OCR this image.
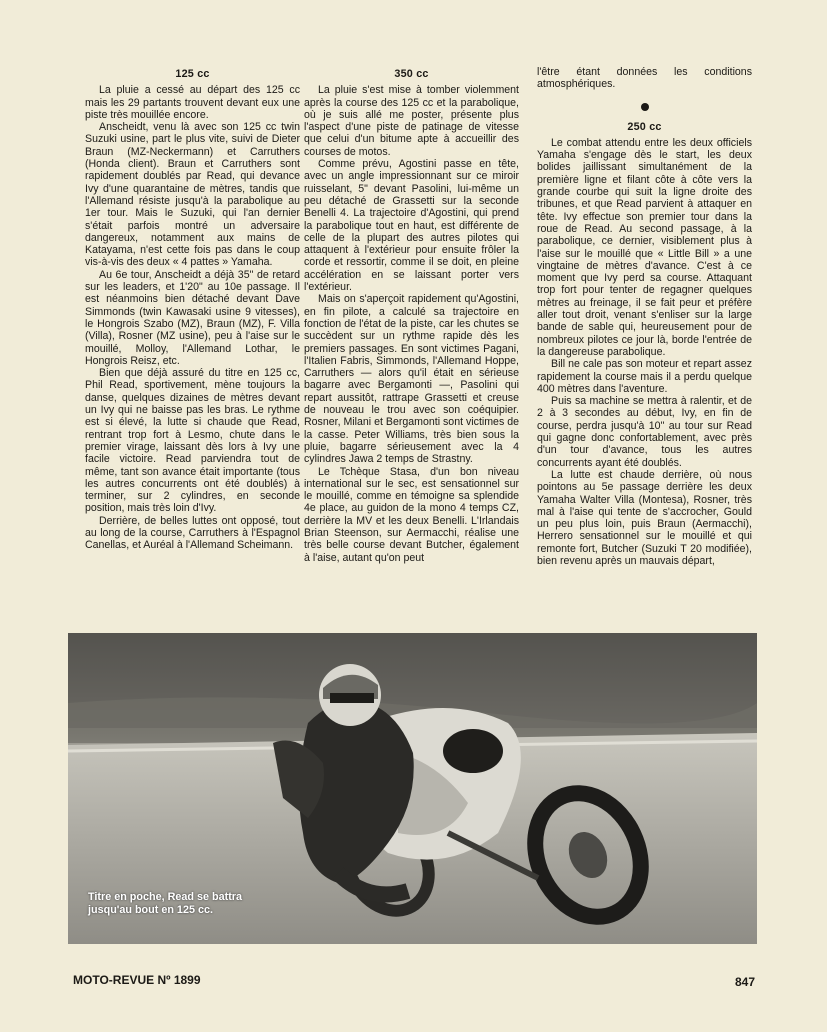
125 cc

La pluie a cessé au départ des 125 cc mais les 29 partants trouvent devant eux une piste très mouillée encore.

Anscheidt, venu là avec son 125 cc twin Suzuki usine, part le plus vite, suivi de Dieter Braun (MZ-Neckermann) et Carruthers (Honda client). Braun et Carruthers sont rapidement doublés par Read, qui devance Ivy d'une quarantaine de mètres, tandis que l'Allemand résiste jusqu'à la parabolique au 1er tour. Mais le Suzuki, qui l'an dernier s'était parfois montré un adversaire dangereux, notamment aux mains de Katayama, n'est cette fois pas dans le coup vis-à-vis des deux « 4 pattes » Yamaha.

Au 6e tour, Anscheidt a déjà 35" de retard sur les leaders, et 1'20" au 10e passage. Il est néanmoins bien détaché devant Dave Simmonds (twin Kawasaki usine 9 vitesses), le Hongrois Szabo (MZ), Braun (MZ), F. Villa (Villa), Rosner (MZ usine), peu à l'aise sur le mouillé, Molloy, l'Allemand Lothar, le Hongrois Reisz, etc.

Bien que déjà assuré du titre en 125 cc, Phil Read, sportivement, mène toujours la danse, quelques dizaines de mètres devant un Ivy qui ne baisse pas les bras. Le rythme est si élevé, la lutte si chaude que Read, rentrant trop fort à Lesmo, chute dans le premier virage, laissant dès lors à Ivy une facile victoire. Read parviendra tout de même, tant son avance était importante (tous les autres concurrents ont été doublés) à terminer, sur 2 cylindres, en seconde position, mais très loin d'Ivy.

Derrière, de belles luttes ont opposé, tout au long de la course, Carruthers à l'Espagnol Canellas, et Auréal à l'Allemand Scheimann.

350 cc

La pluie s'est mise à tomber violemment après la course des 125 cc et la parabolique, où je suis allé me poster, présente plus l'aspect d'une piste de patinage de vitesse que celui d'un bitume apte à accueillir des courses de motos.

Comme prévu, Agostini passe en tête, avec un angle impressionnant sur ce miroir ruisselant, 5" devant Pasolini, lui-même un peu détaché de Grassetti sur la seconde Benelli 4. La trajectoire d'Agostini, qui prend la parabolique tout en haut, est différente de celle de la plupart des autres pilotes qui attaquent à l'extérieur pour ensuite frôler la corde et ressortir, comme il se doit, en pleine accélération en se laissant porter vers l'extérieur.

Mais on s'aperçoit rapidement qu'Agostini, en fin pilote, a calculé sa trajectoire en fonction de l'état de la piste, car les chutes se succèdent sur un rythme rapide dès les premiers passages. En sont victimes Pagani, l'Italien Fabris, Simmonds, l'Allemand Hoppe, Carruthers — alors qu'il était en sérieuse bagarre avec Bergamonti —, Pasolini qui repart aussitôt, rattrape Grassetti et creuse de nouveau le trou avec son coéquipier. Rosner, Milani et Bergamonti sont victimes de la casse. Peter Williams, très bien sous la pluie, bagarre sérieusement avec la 4 cylindres Jawa 2 temps de Strastny.

Le Tchèque Stasa, d'un bon niveau international sur le sec, est sensationnel sur le mouillé, comme en témoigne sa splendide 4e place, au guidon de la mono 4 temps CZ, derrière la MV et les deux Benelli. L'Irlandais Brian Steenson, sur Aermacchi, réalise une très belle course devant Butcher, également à l'aise, autant qu'on peut

l'être étant données les conditions atmosphériques.

250 cc

Le combat attendu entre les deux officiels Yamaha s'engage dès le start, les deux bolides jaillissant simultanément de la première ligne et filant côte à côte vers la grande courbe qui suit la ligne droite des tribunes, et que Read parvient à attaquer en tête. Ivy effectue son premier tour dans la roue de Read. Au second passage, à la parabolique, ce dernier, visiblement plus à l'aise sur le mouillé que « Little Bill » a une vingtaine de mètres d'avance. C'est à ce moment que Ivy perd sa course. Attaquant trop fort pour tenter de regagner quelques mètres au freinage, il se fait peur et préfère aller tout droit, venant s'enliser sur la large bande de sable qui, heureusement pour de nombreux pilotes ce jour là, borde l'entrée de la dangereuse parabolique.

Bill ne cale pas son moteur et repart assez rapidement la course mais il a perdu quelque 400 mètres dans l'aventure.

Puis sa machine se mettra à ralentir, et de 2 à 3 secondes au début, Ivy, en fin de course, perdra jusqu'à 10" au tour sur Read qui gagne donc confortablement, avec près d'un tour d'avance, tous les autres concurrents ayant été doublés.

La lutte est chaude derrière, où nous pointons au 5e passage derrière les deux Yamaha Walter Villa (Montesa), Rosner, très mal à l'aise qui tente de s'accrocher, Gould un peu plus loin, puis Braun (Aermacchi), Herrero sensationnel sur le mouillé et qui remonte fort, Butcher (Suzuki T 20 modifiée), bien revenu après un mauvais départ,

Titre en poche, Read se battra jusqu'au bout en 125 cc.
MOTO-REVUE Nº 1899	847
